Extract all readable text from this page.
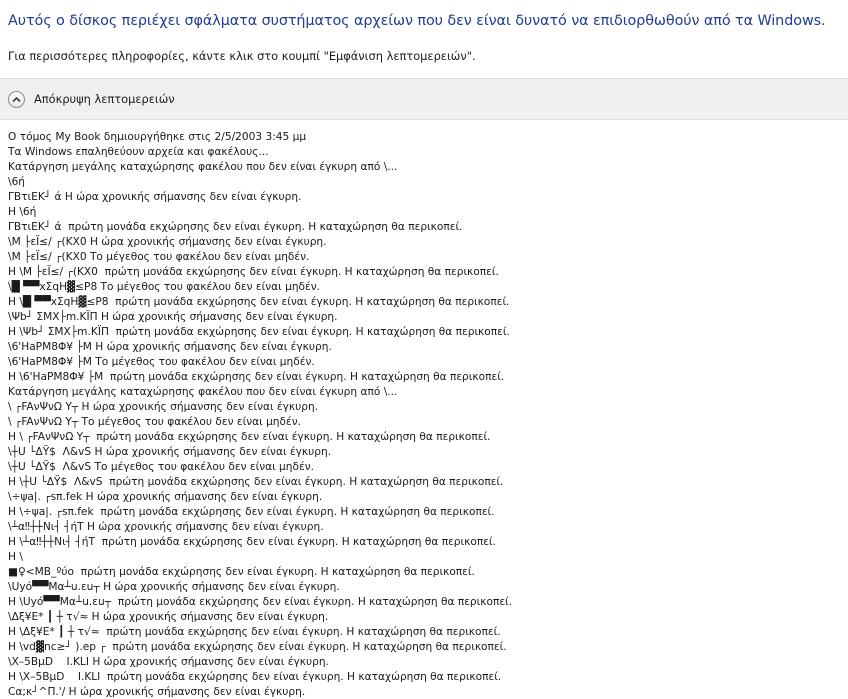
Αυτός ο δίσκος περιέχει σφάλματα συστήματος αρχείων που δεν είναι δυνατό να επιδιορθωθούν από τα Windows.
Για περισσότερες πληροφορίες, κάντε κλικ στο κουμπί "Εμφάνιση λεπτομερειών".
Απόκρυψη λεπτομερειών
Ο τόμος My Book δημιουργήθηκε στις 2/5/2003 3:45 μμ
Τα Windows επαληθεύουν αρχεία και φακέλους...
Κατάργηση μεγάλης καταχώρησης φακέλου που δεν είναι έγκυρη από \...
\6ή
ΓΒτιΕΚ┘ ά Η ώρα χρονικής σήμανσης δεν είναι έγκυρη.
Η \6ή
ΓΒτιΕΚ┘ ά  πρώτη μονάδα εκχώρησης δεν είναι έγκυρη. Η καταχώρηση θα περικοπεί.
\Μ ├εΪ≤/ ┌(ΚΧ0 Η ώρα χρονικής σήμανσης δεν είναι έγκυρη.
\Μ ├εΪ≤/ ┌(ΚΧ0 Το μέγεθος του φακέλου δεν είναι μηδέν.
Η \Μ ├εΪ≤/ ┌(ΚΧ0  πρώτη μονάδα εκχώρησης δεν είναι έγκυρη. Η καταχώρηση θα περικοπεί.
\█ ▀▀xΣqΗ▓≤Ρ8 Το μέγεθος του φακέλου δεν είναι μηδέν.
Η \█ ▀▀xΣqΗ▓≤Ρ8  πρώτη μονάδα εκχώρησης δεν είναι έγκυρη. Η καταχώρηση θα περικοπεί.
\Ψb┘ ΣΜΧ├m.ΚΪΠ Η ώρα χρονικής σήμανσης δεν είναι έγκυρη.
Η \Ψb┘ ΣΜΧ├m.ΚΪΠ  πρώτη μονάδα εκχώρησης δεν είναι έγκυρη. Η καταχώρηση θα περικοπεί.
\6'ΗaΡΜ8Φ¥ ├Μ Η ώρα χρονικής σήμανσης δεν είναι έγκυρη.
\6'ΗaΡΜ8Φ¥ ├Μ Το μέγεθος του φακέλου δεν είναι μηδέν.
Η \6'ΗaΡΜ8Φ¥ ├Μ  πρώτη μονάδα εκχώρησης δεν είναι έγκυρη. Η καταχώρηση θα περικοπεί.
Κατάργηση μεγάλης καταχώρησης φακέλου που δεν είναι έγκυρη από \...
\ ┌FAνΨνΩ Υ┬ Η ώρα χρονικής σήμανσης δεν είναι έγκυρη.
\ ┌FAνΨνΩ Υ┬ Το μέγεθος του φακέλου δεν είναι μηδέν.
Η \ ┌FAνΨνΩ Υ┬  πρώτη μονάδα εκχώρησης δεν είναι έγκυρη. Η καταχώρηση θα περικοπεί.
\┼U └ΔΫ$  Λ&vS Η ώρα χρονικής σήμανσης δεν είναι έγκυρη.
\┼U └ΔΫ$  Λ&vS Το μέγεθος του φακέλου δεν είναι μηδέν.
Η \┼U └ΔΫ$  Λ&vS  πρώτη μονάδα εκχώρησης δεν είναι έγκυρη. Η καταχώρηση θα περικοπεί.
\÷ψa|. ┌sπ.fek Η ώρα χρονικής σήμανσης δεν είναι έγκυρη.
Η \÷ψa|. ┌sπ.fek  πρώτη μονάδα εκχώρησης δεν είναι έγκυρη. Η καταχώρηση θα περικοπεί.
\┴α‼┼┼Nι┤ ┤ήT Η ώρα χρονικής σήμανσης δεν είναι έγκυρη.
Η \┴α‼┼┼Nι┤ ┤ήT  πρώτη μονάδα εκχώρησης δεν είναι έγκυρη. Η καταχώρηση θα περικοπεί.
Η \
■♀<ΜΒ_ºύο  πρώτη μονάδα εκχώρησης δεν είναι έγκυρη. Η καταχώρηση θα περικοπεί.
\Uyό▀▀Μα┴u.εu┬ Η ώρα χρονικής σήμανσης δεν είναι έγκυρη.
Η \Uyό▀▀Μα┴u.εu┬  πρώτη μονάδα εκχώρησης δεν είναι έγκυρη. Η καταχώρηση θα περικοπεί.
\Δξ¥Ε* ┃ ┼ τ√≈ Η ώρα χρονικής σήμανσης δεν είναι έγκυρη.
Η \Δξ¥Ε* ┃ ┼ τ√≈  πρώτη μονάδα εκχώρησης δεν είναι έγκυρη. Η καταχώρηση θα περικοπεί.
Η \vd▓nc≥┘ ).ep ┌  πρώτη μονάδα εκχώρησης δεν είναι έγκυρη. Η καταχώρηση θα περικοπεί.
\X–5ΒμD    I.KLI Η ώρα χρονικής σήμανσης δεν είναι έγκυρη.
Η \X–5ΒμD    I.KLI  πρώτη μονάδα εκχώρησης δεν είναι έγκυρη. Η καταχώρηση θα περικοπεί.
Cα;κ┘^Π.'/ Η ώρα χρονικής σήμανσης δεν είναι έγκυρη.
